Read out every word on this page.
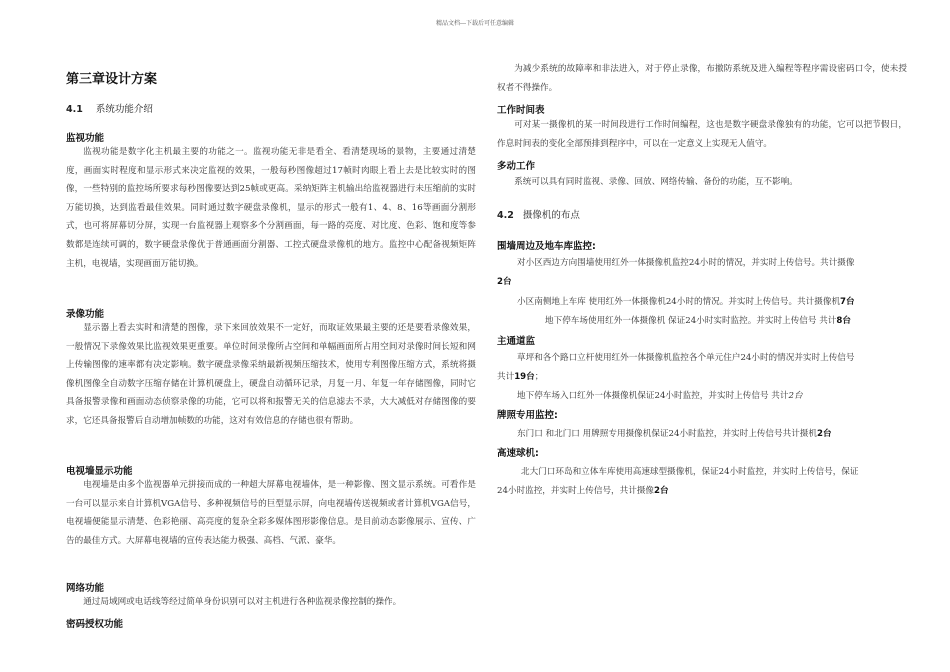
精品文档---下载后可任意编辑
第三章设计方案
4.1 系统功能介绍
监视功能
监视功能是数字化主机最主要的功能之一。监视功能无非是看全、看清楚现场的景物，主要通过清楚度，画面实时程度和显示形式来决定监视的效果，一般每秒图像超过17帧时肉眼上看上去是比较实时的图像，一些特别的监控场所要求每秒图像要达到25帧或更高。采纳矩阵主机输出给监视器进行未压缩前的实时万能切换，达到监看最佳效果。同时通过数字硬盘录像机，显示的形式一般有1、4、8、16等画面分割形式，也可将屏幕切分屏，实现一台监视器上观察多个分割画面，每一路的亮度、对比度、色彩、饱和度等参数都是连续可调的，数字硬盘录像优于普通画面分割器、工控式硬盘录像机的地方。监控中心配备视频矩阵主机，电视墙，实现画面万能切换。
录像功能
显示器上看去实时和清楚的图像，录下来回放效果不一定好，而取证效果最主要的还是要看录像效果，一般情况下录像效果比监视效果更重要。单位时间录像所占空间和单幅画面所占用空间对录像时间长短和网上传输图像的速率都有决定影响。数字硬盘录像采纳最新视频压缩技术，使用专利图像压缩方式，系统将摄像机图像全自动数字压缩存储在计算机硬盘上，硬盘自动循环记录，月复一月、年复一年存储图像，同时它具备报警录像和画面动态侦察录像的功能，它可以将和报警无关的信息滤去不录，大大减低对存储图像的要求，它还具备报警后自动增加帧数的功能，这对有效信息的存储也很有帮助。
电视墙显示功能
电视墙是由多个监视器单元拼接而成的一种超大屏幕电视墙体，是一种影像、图文显示系统。可看作是一台可以显示来自计算机VGA信号、多种视频信号的巨型显示屏，向电视墙传送视频或者计算机VGA信号，电视墙便能显示清楚、色彩艳丽、高亮度的复杂全彩多媒体图形影像信息。是目前动态影像展示、宣传、广告的最佳方式。大屏幕电视墙的宣传表达能力极强、高档、气派、豪华。
网络功能
通过局域网或电话线等经过简单身份识别可以对主机进行各种监视录像控制的操作。
密码授权功能
为减少系统的故障率和非法进入，对于停止录像，布撤防系统及进入编程等程序需设密码口令，使未授权者不得操作。
工作时间表
可对某一摄像机的某一时间段进行工作时间编程，这也是数字硬盘录像独有的功能，它可以把节假日，作息时间表的变化全部预排到程序中，可以在一定意义上实现无人值守。
多动工作
系统可以具有同时监视、录像、回放、网络传输、备份的功能，互不影响。
4.2 摄像机的布点
围墙周边及地车库监控:
对小区西边方向围墙使用红外一体摄像机监控24小时的情况，并实时上传信号。共计摄像
2台
小区南侧地上车库 使用红外一体摄像机24小时的情况。并实时上传信号。共计摄像机7台
地下停车场使用红外一体摄像机 保证24小时实时监控。并实时上传信号 共计8台
主通道监
草坪和各个路口立杆使用红外一体摄像机监控各个单元住户24小时的情况并实时上传信号
共计19台；
地下停车场入口红外一体摄像机保证24小时监控，并实时上传信号 共计2台
牌照专用监控:
东门口 和北门口 用牌照专用摄像机保证24小时监控，并实时上传信号共计摄机2台
高速球机:
北大门口环岛和立体车库使用高速球型摄像机，保证24小时监控，并实时上传信号，保证
24小时监控，并实时上传信号，共计摄像2台
